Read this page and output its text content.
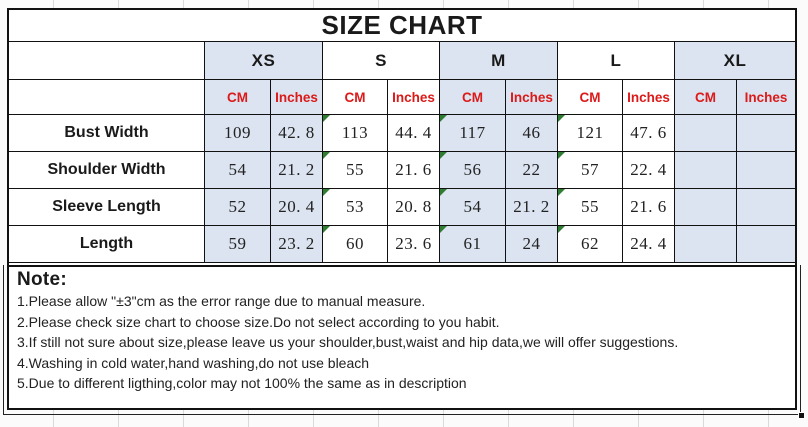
SIZE CHART
XS	S	M	L	XL
CM	Inches	CM	Inches	CM	Inches	CM	Inches	CM	Inches
Bust Width	109	42. 8	113	44. 4	117	46	121	47. 6
Shoulder Width	54	21. 2	55	21. 6	56	22	57	22. 4
Sleeve Length	52	20. 4	53	20. 8	54	21. 2	55	21. 6
Length	59	23. 2	60	23. 6	61	24	62	24. 4
Note:
1.Please allow "±3"cm as the error range due to manual measure.
2.Please check size chart to choose size.Do not select according to you habit.
3.If still not sure about size,please leave us your shoulder,bust,waist and hip data,we will offer suggestions.
4.Washing in cold water,hand washing,do not use bleach
5.Due to different ligthing,color may not 100% the same as in description
